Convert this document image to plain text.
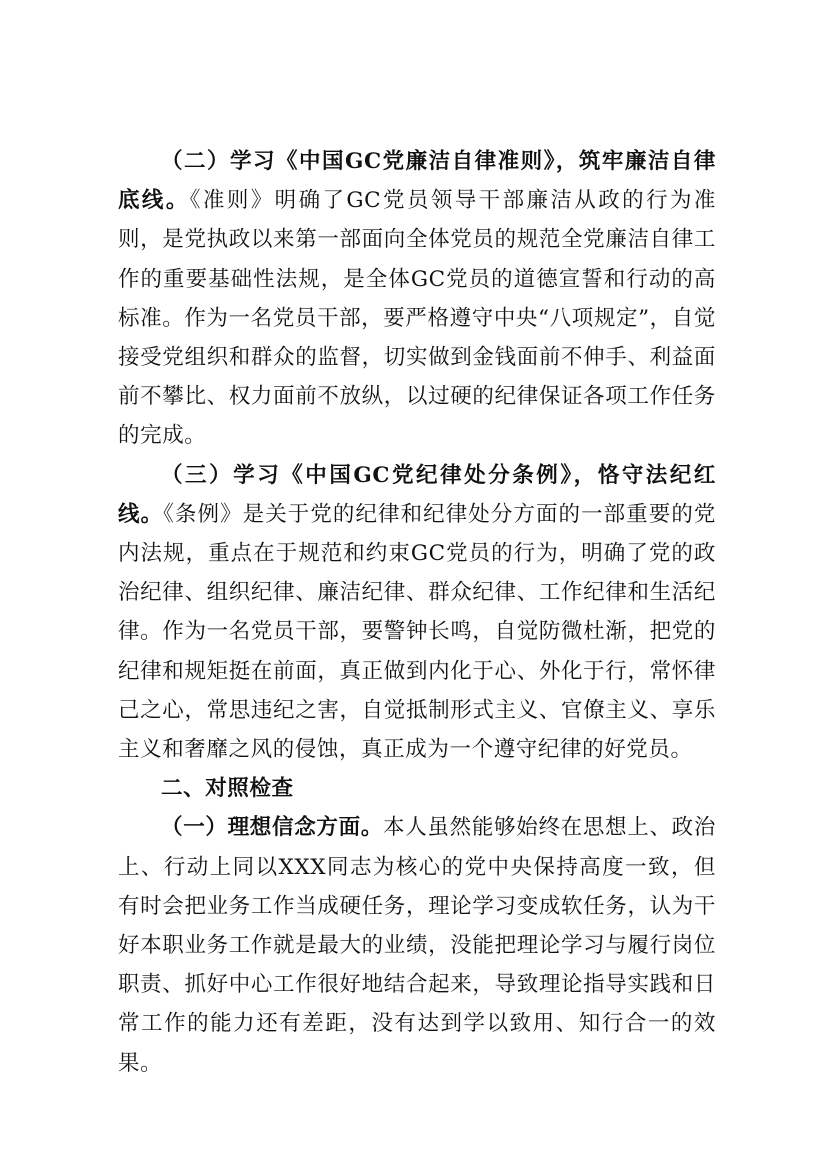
（二）学习《中国GC党廉洁自律准则》，筑牢廉洁自律底线。《准则》明确了GC党员领导干部廉洁从政的行为准则，是党执政以来第一部面向全体党员的规范全党廉洁自律工作的重要基础性法规，是全体GC党员的道德宣誓和行动的高标准。作为一名党员干部，要严格遵守中央“八项规定”，自觉接受党组织和群众的监督，切实做到金钱面前不伸手、利益面前不攀比、权力面前不放纵，以过硬的纪律保证各项工作任务的完成。

（三）学习《中国GC党纪律处分条例》，恪守法纪红线。《条例》是关于党的纪律和纪律处分方面的一部重要的党内法规，重点在于规范和约束GC党员的行为，明确了党的政治纪律、组织纪律、廉洁纪律、群众纪律、工作纪律和生活纪律。作为一名党员干部，要警钟长鸣，自觉防微杜渐，把党的纪律和规矩挺在前面，真正做到内化于心、外化于行，常怀律己之心，常思违纪之害，自觉抵制形式主义、官僚主义、享乐主义和奢靡之风的侵蚀，真正成为一个遵守纪律的好党员。

二、对照检查

（一）理想信念方面。本人虽然能够始终在思想上、政治上、行动上同以XXX同志为核心的党中央保持高度一致，但有时会把业务工作当成硬任务，理论学习变成软任务，认为干好本职业务工作就是最大的业绩，没能把理论学习与履行岗位职责、抓好中心工作很好地结合起来，导致理论指导实践和日常工作的能力还有差距，没有达到学以致用、知行合一的效果。
